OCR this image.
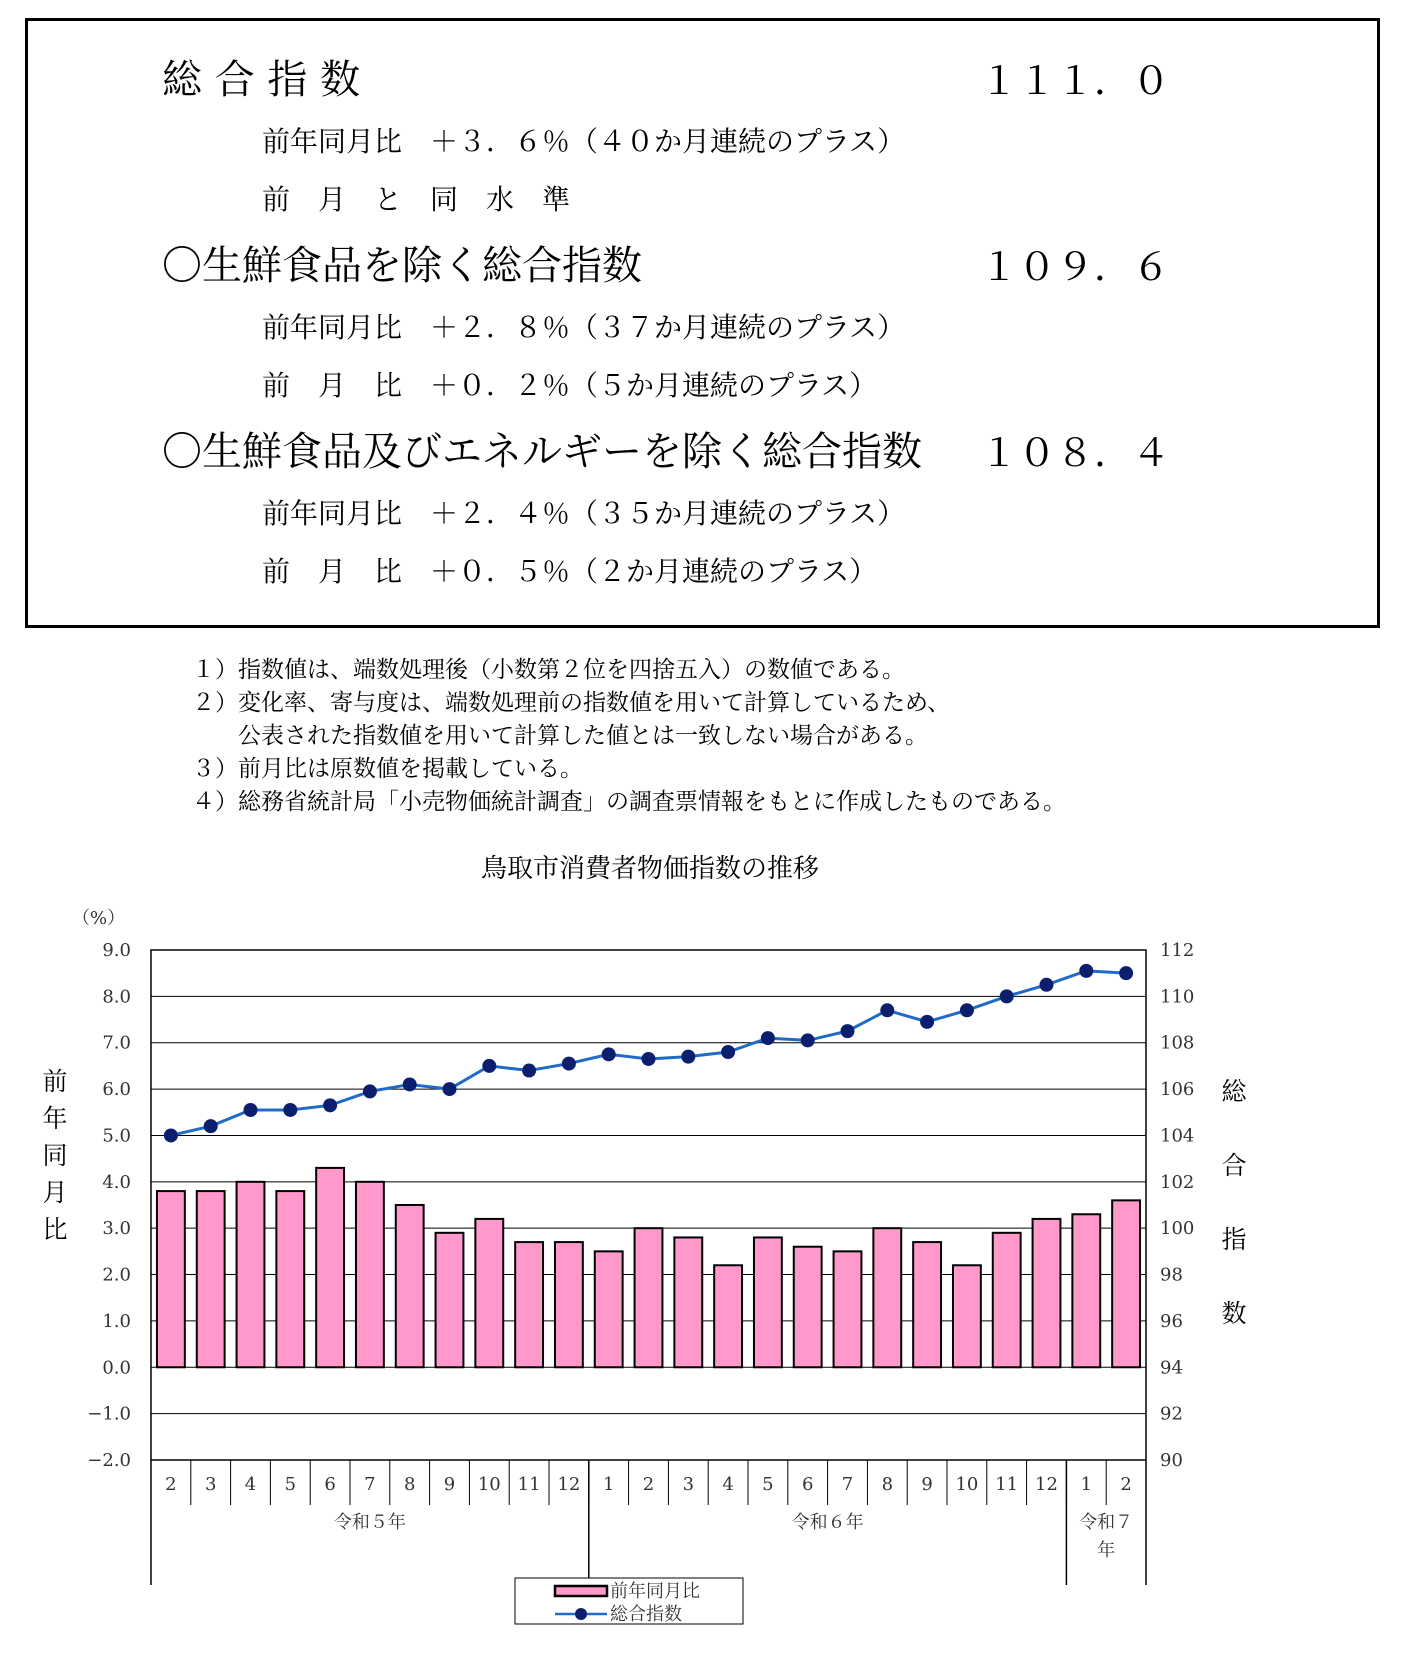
総 合 指 数	１１１．０
前年同月比　＋３．６％（４０か月連続のプラス）
前　月　と　同　水　準
〇生鮮食品を除く総合指数	１０９．６
前年同月比　＋２．８％（３７か月連続のプラス）
前　月　比　＋０．２％（５か月連続のプラス）
〇生鮮食品及びエネルギーを除く総合指数 １０８．４
前年同月比　＋２．４％（３５か月連続のプラス）
前　月　比　＋０．５％（２か月連続のプラス）
１）指数値は、端数処理後（小数第２位を四捨五入）の数値である。
２）変化率、寄与度は、端数処理前の指数値を用いて計算しているため、
　　公表された指数値を用いて計算した値とは一致しない場合がある。
３）前月比は原数値を掲載している。
４）総務省統計局「小売物価統計調査」の調査票情報をもとに作成したものである。
鳥取市消費者物価指数の推移
9.0
8.0
7.0
6.0
5.0
4.0
3.0
2.0
1.0
0.0
−1.0
−2.0
112
110
108
106
104
102
100
98
96
94
92
90
（%）
前
年
同
月
比
総
合
指
数
2 3 4 5 6 7 8 9 10 11 12 1 2 3 4 5 6 7 8 9 10 11 12 1 2
令和５年	令和６年	令和７
年
前年同月比
総合指数
